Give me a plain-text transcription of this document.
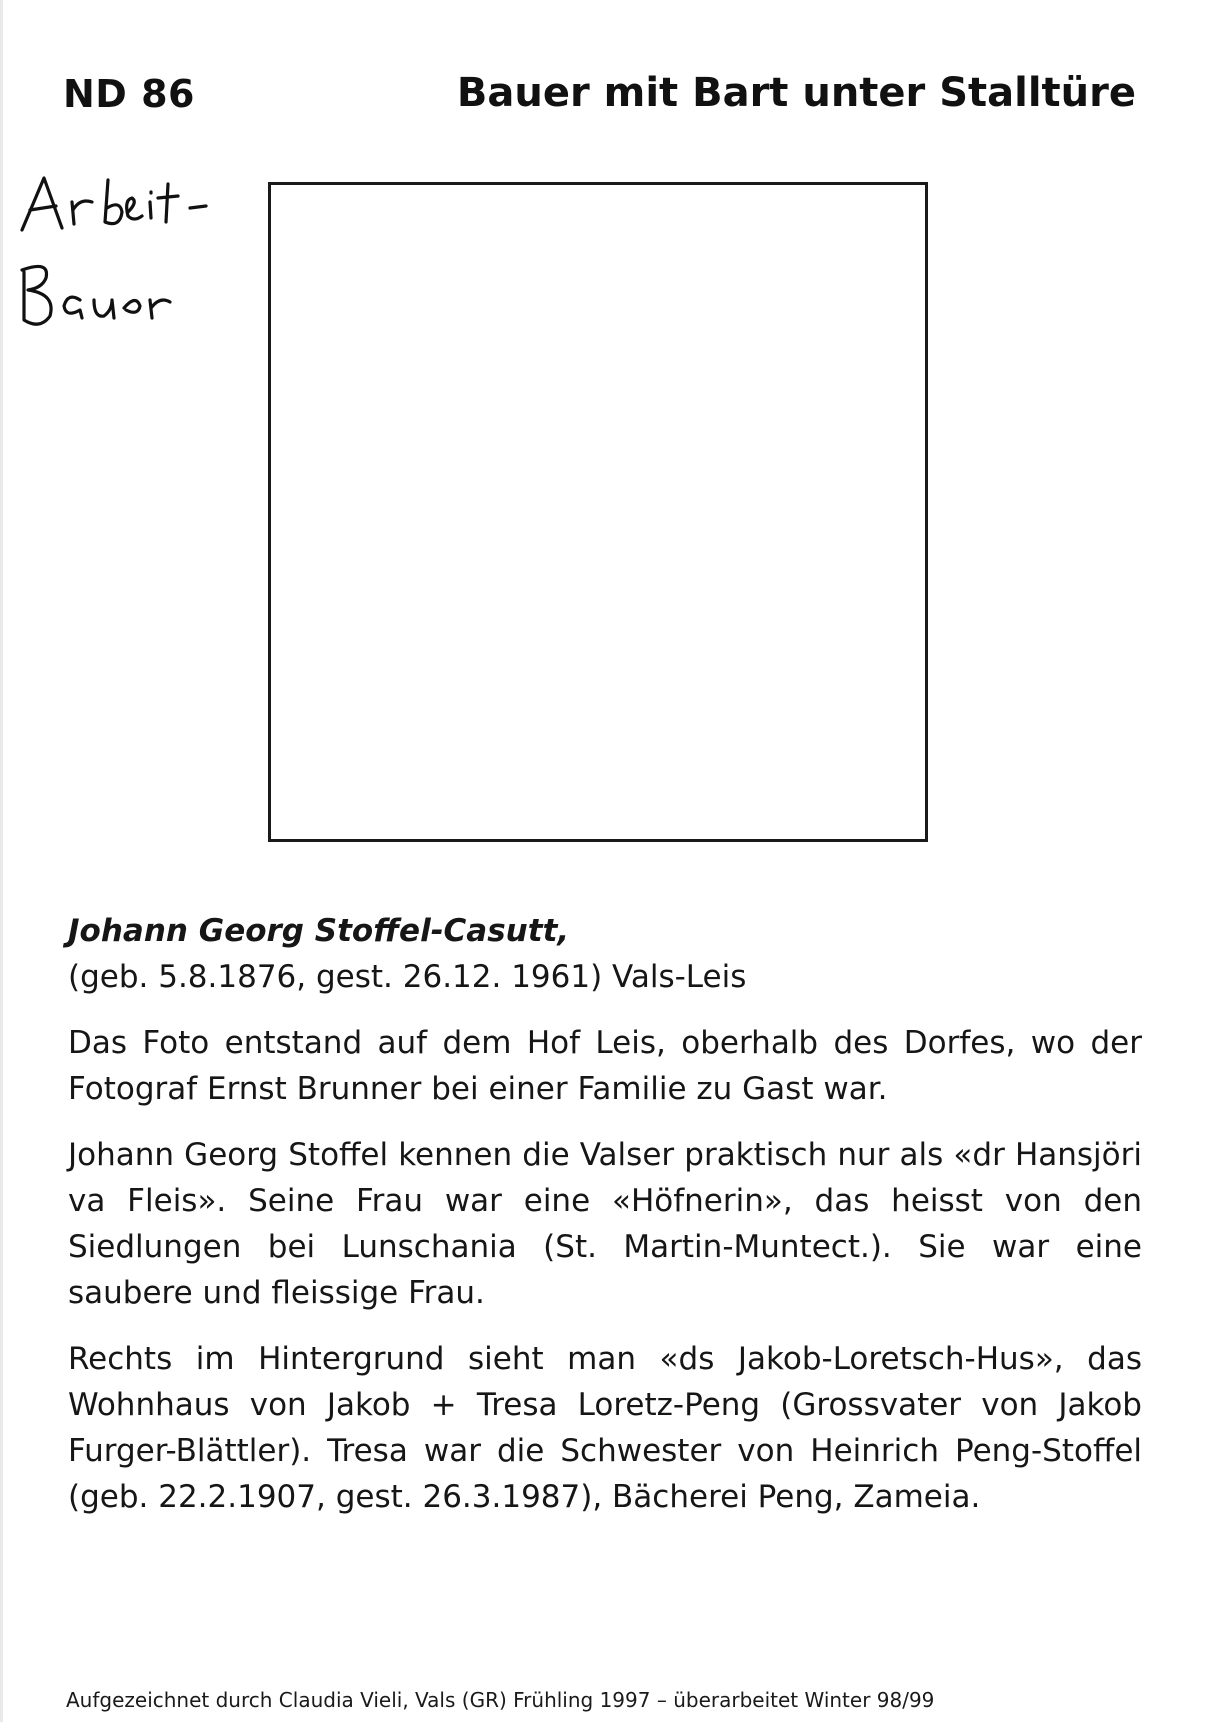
ND 86	Bauer mit Bart unter Stalltüre

Johann Georg Stoffel-Casutt,

(geb. 5.8.1876, gest. 26.12. 1961) Vals-Leis

Das Foto entstand auf dem Hof Leis, oberhalb des Dorfes, wo der Fotograf Ernst Brunner bei einer Familie zu Gast war.

Johann Georg Stoffel kennen die Valser praktisch nur als «dr Hansjöri va Fleis». Seine Frau war eine «Höfnerin», das heisst von den Siedlungen bei Lunschania (St. Martin-Muntect.). Sie war eine saubere und fleissige Frau.

Rechts im Hintergrund sieht man «ds Jakob-Loretsch-Hus», das Wohnhaus von Jakob + Tresa Loretz-Peng (Grossvater von Jakob Furger-Blättler). Tresa war die Schwester von Heinrich Peng-Stoffel (geb. 22.2.1907, gest. 26.3.1987), Bächerei Peng, Zameia.

Aufgezeichnet durch Claudia Vieli, Vals (GR) Frühling 1997 – überarbeitet Winter 98/99
